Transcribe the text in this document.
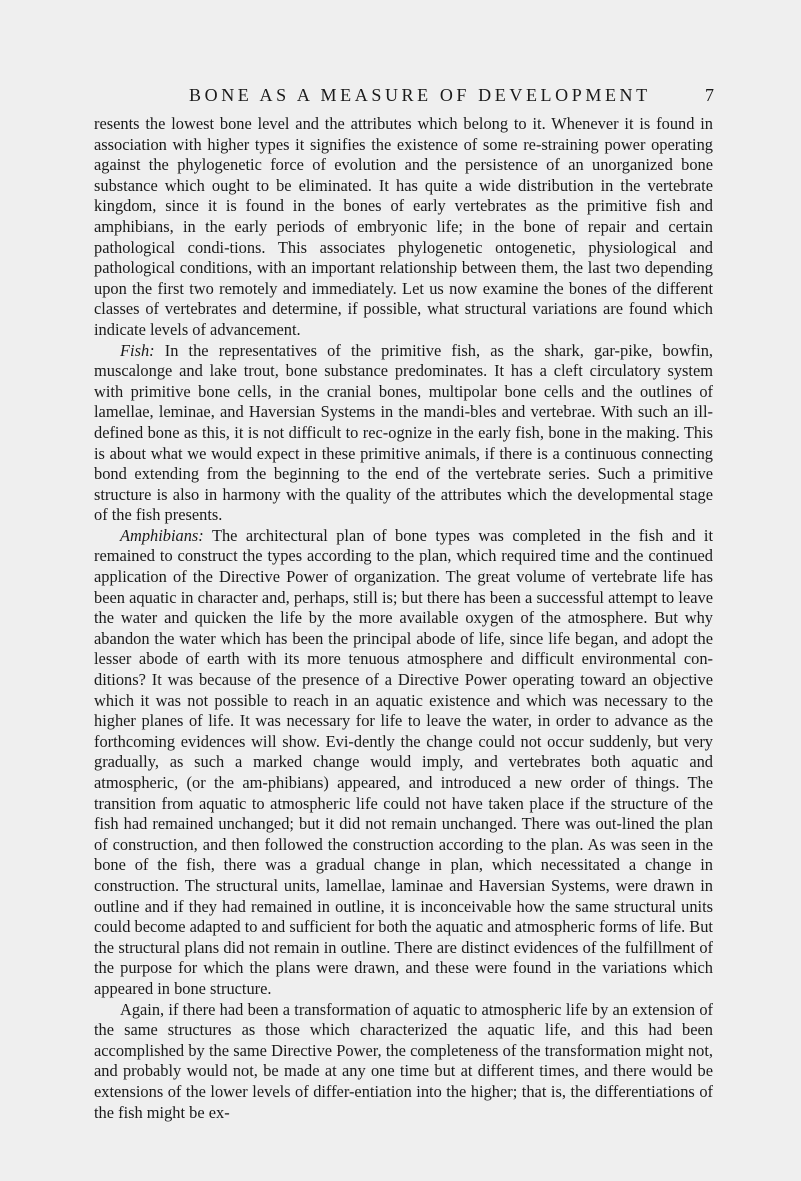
BONE AS A MEASURE OF DEVELOPMENT	7

resents the lowest bone level and the attributes which belong to it. Whenever it is found in association with higher types it signifies the existence of some re-straining power operating against the phylogenetic force of evolution and the persistence of an unorganized bone substance which ought to be eliminated. It has quite a wide distribution in the vertebrate kingdom, since it is found in the bones of early vertebrates as the primitive fish and amphibians, in the early periods of embryonic life; in the bone of repair and certain pathological condi-tions. This associates phylogenetic ontogenetic, physiological and pathological conditions, with an important relationship between them, the last two depending upon the first two remotely and immediately. Let us now examine the bones of the different classes of vertebrates and determine, if possible, what structural variations are found which indicate levels of advancement.

Fish: In the representatives of the primitive fish, as the shark, gar-pike, bowfin, muscalonge and lake trout, bone substance predominates. It has a cleft circulatory system with primitive bone cells, in the cranial bones, multipolar bone cells and the outlines of lamellae, leminae, and Haversian Systems in the mandi-bles and vertebrae. With such an ill-defined bone as this, it is not difficult to rec-ognize in the early fish, bone in the making. This is about what we would expect in these primitive animals, if there is a continuous connecting bond extending from the beginning to the end of the vertebrate series. Such a primitive structure is also in harmony with the quality of the attributes which the developmental stage of the fish presents.

Amphibians: The architectural plan of bone types was completed in the fish and it remained to construct the types according to the plan, which required time and the continued application of the Directive Power of organization. The great volume of vertebrate life has been aquatic in character and, perhaps, still is; but there has been a successful attempt to leave the water and quicken the life by the more available oxygen of the atmosphere. But why abandon the water which has been the principal abode of life, since life began, and adopt the lesser abode of earth with its more tenuous atmosphere and difficult environmental con-ditions? It was because of the presence of a Directive Power operating toward an objective which it was not possible to reach in an aquatic existence and which was necessary to the higher planes of life. It was necessary for life to leave the water, in order to advance as the forthcoming evidences will show. Evi-dently the change could not occur suddenly, but very gradually, as such a marked change would imply, and vertebrates both aquatic and atmospheric, (or the am-phibians) appeared, and introduced a new order of things. The transition from aquatic to atmospheric life could not have taken place if the structure of the fish had remained unchanged; but it did not remain unchanged. There was out-lined the plan of construction, and then followed the construction according to the plan. As was seen in the bone of the fish, there was a gradual change in plan, which necessitated a change in construction. The structural units, lamellae, laminae and Haversian Systems, were drawn in outline and if they had remained in outline, it is inconceivable how the same structural units could become adapted to and sufficient for both the aquatic and atmospheric forms of life. But the structural plans did not remain in outline. There are distinct evidences of the fulfillment of the purpose for which the plans were drawn, and these were found in the variations which appeared in bone structure.

Again, if there had been a transformation of aquatic to atmospheric life by an extension of the same structures as those which characterized the aquatic life, and this had been accomplished by the same Directive Power, the completeness of the transformation might not, and probably would not, be made at any one time but at different times, and there would be extensions of the lower levels of differ-entiation into the higher; that is, the differentiations of the fish might be ex-
